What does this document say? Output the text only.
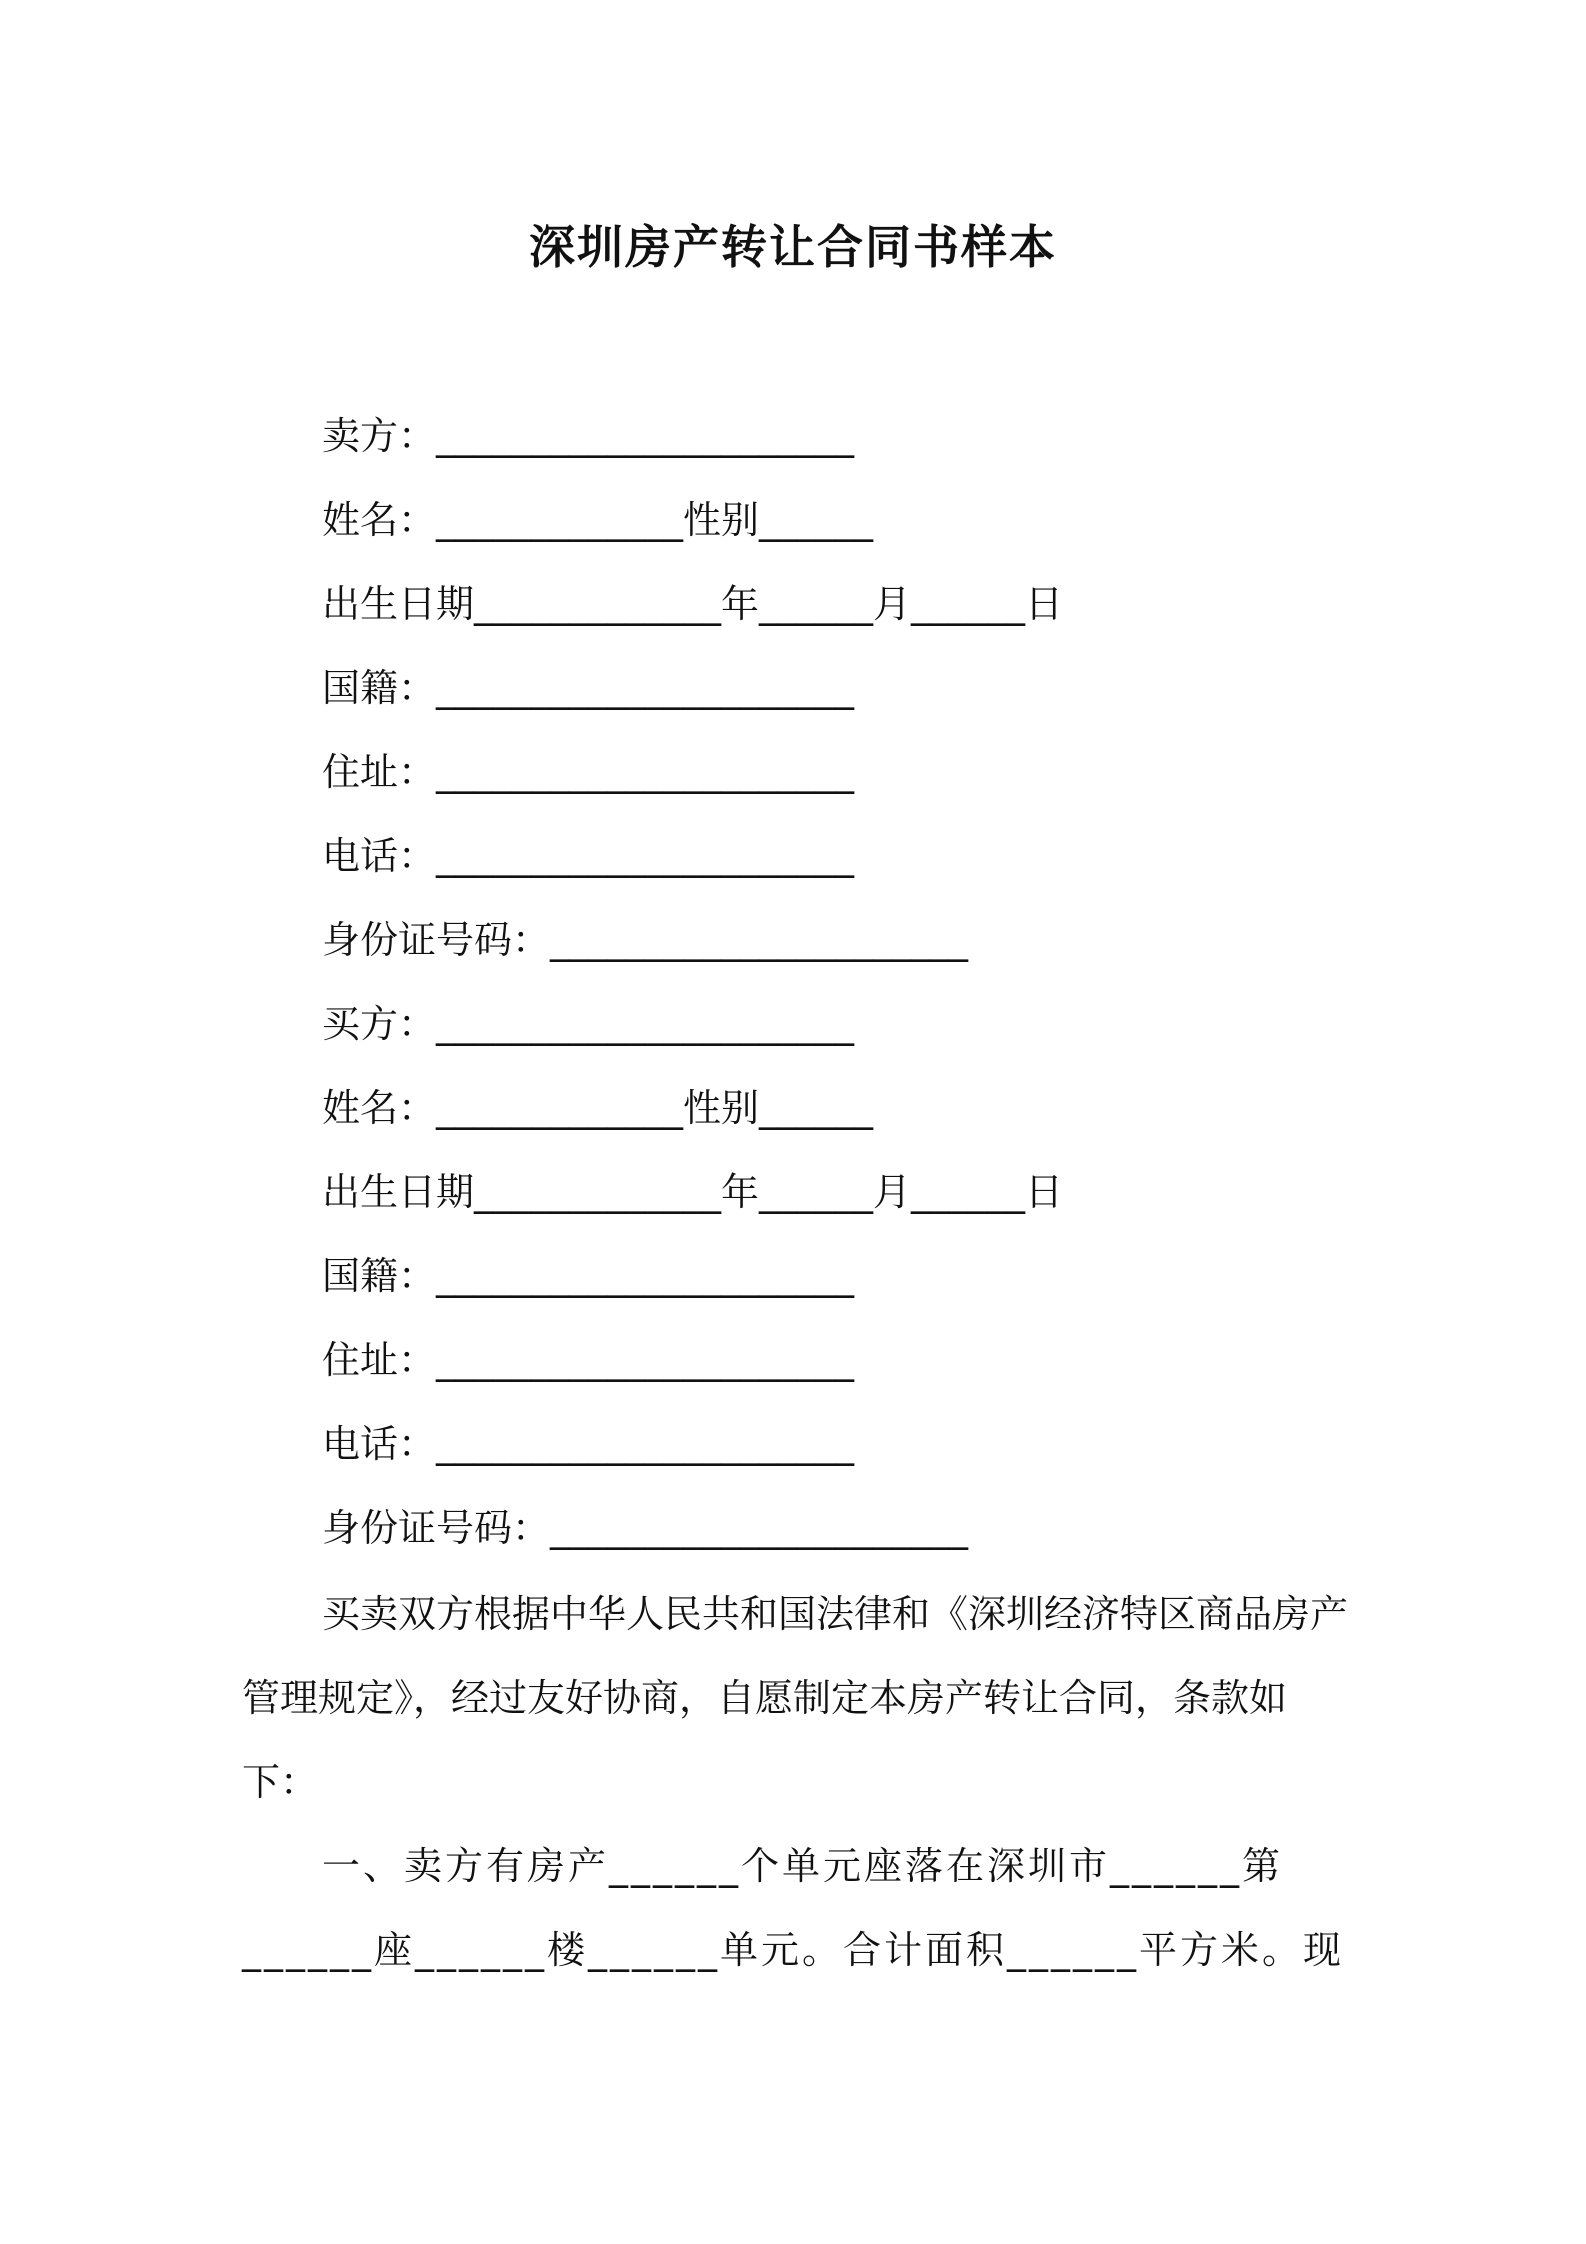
深圳房产转让合同书样本
卖方：______________________
姓名：_____________性别______
出生日期_____________年______月______日
国籍：______________________
住址：______________________
电话：______________________
身份证号码：______________________
买方：______________________
姓名：_____________性别______
出生日期_____________年______月______日
国籍：______________________
住址：______________________
电话：______________________
身份证号码：______________________
买卖双方根据中华人民共和国法律和《深圳经济特区商品房产管理规定》，经过友好协商，自愿制定本房产转让合同，条款如下：
一、卖方有房产______个单元座落在深圳市______第______座______楼______单元。合计面积______平方米。现
